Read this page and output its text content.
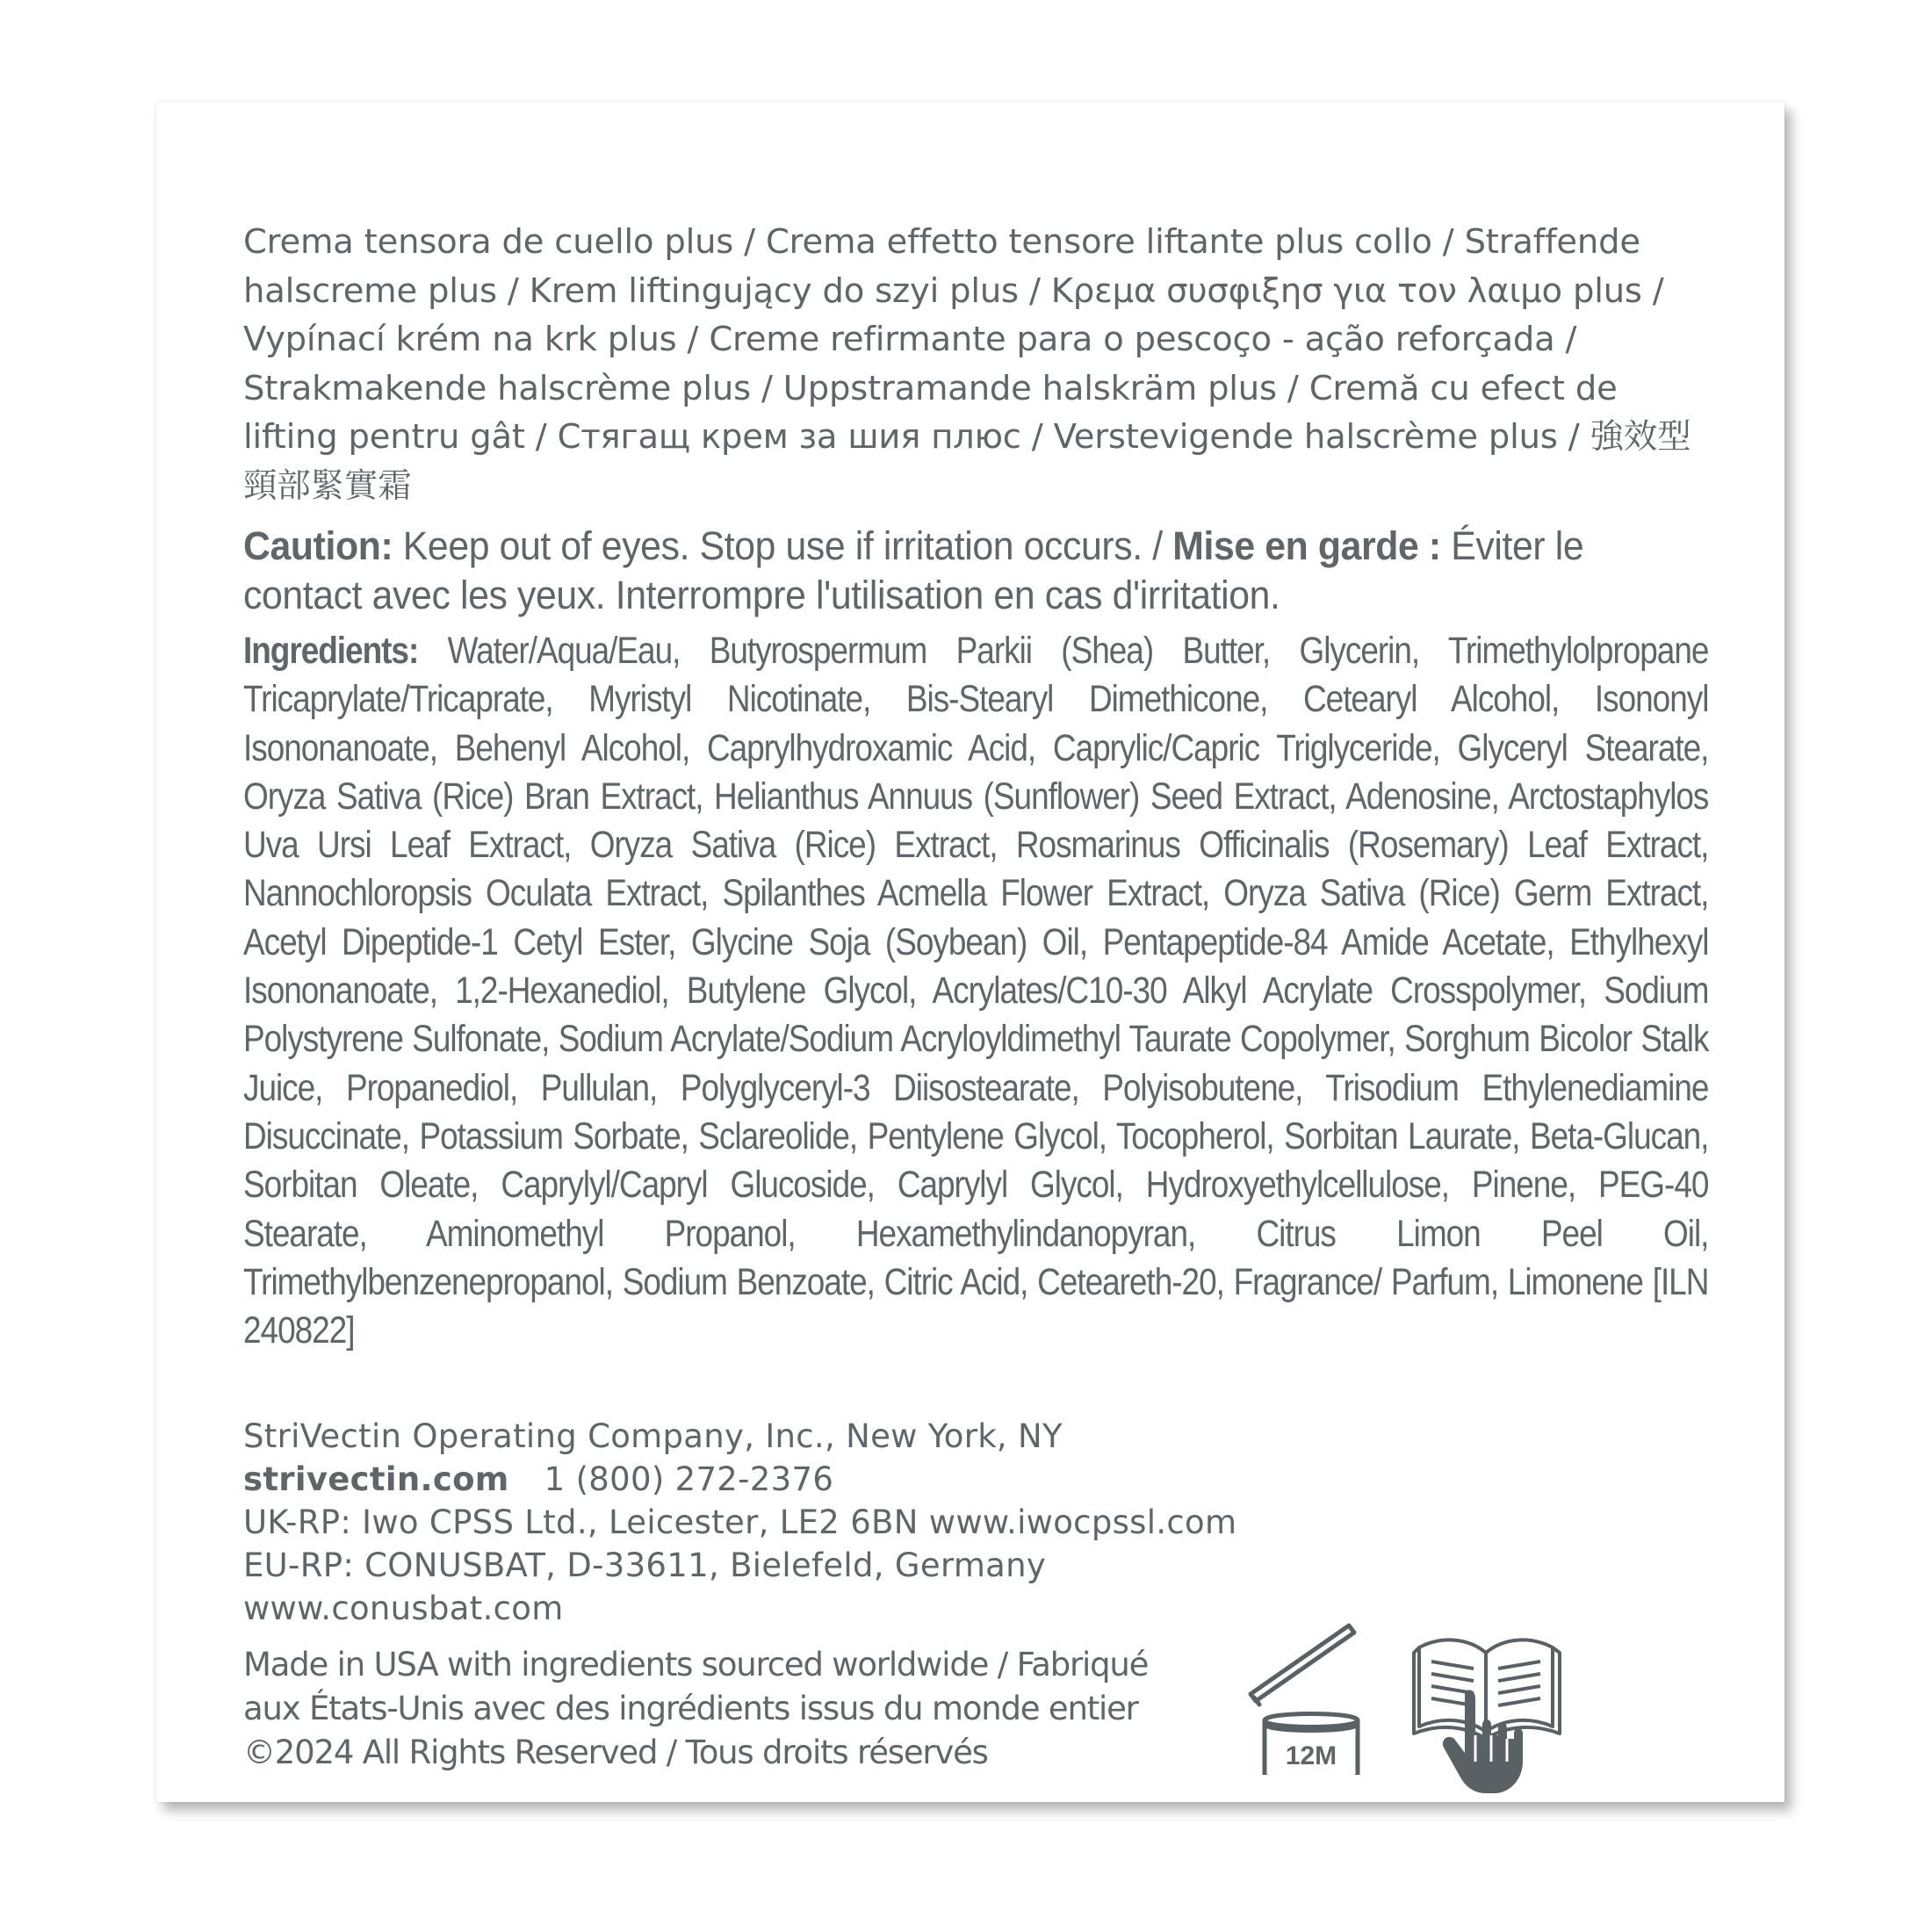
Crema tensora de cuello plus / Crema effetto tensore liftante plus collo / Straffende halscreme plus / Krem liftingujący do szyi plus / Κρεμα συσφιξησ για τον λαιμο plus / Vypínací krém na krk plus / Creme refirmante para o pescoço - ação reforçada / Strakmakende halscrème plus / Uppstramande halskräm plus / Cremă cu efect de lifting pentru gât / Стягащ крем за шия плюс / Verstevigende halscrème plus / 強效型頸部緊實霜
Caution: Keep out of eyes. Stop use if irritation occurs. / Mise en garde : Éviter le contact avec les yeux. Interrompre l'utilisation en cas d'irritation.
Ingredients: Water/Aqua/Eau, Butyrospermum Parkii (Shea) Butter, Glycerin, Trimethylolpropane Tricaprylate/Tricaprate, Myristyl Nicotinate, Bis-Stearyl Dimethicone, Cetearyl Alcohol, Isononyl Isononanoate, Behenyl Alcohol, Caprylhydroxamic Acid, Caprylic/Capric Triglyceride, Glyceryl Stearate, Oryza Sativa (Rice) Bran Extract, Helianthus Annuus (Sunflower) Seed Extract, Adenosine, Arctostaphylos Uva Ursi Leaf Extract, Oryza Sativa (Rice) Extract, Rosmarinus Officinalis (Rosemary) Leaf Extract, Nannochloropsis Oculata Extract, Spilanthes Acmella Flower Extract, Oryza Sativa (Rice) Germ Extract, Acetyl Dipeptide-1 Cetyl Ester, Glycine Soja (Soybean) Oil, Pentapeptide-84 Amide Acetate, Ethylhexyl Isononanoate, 1,2-Hexanediol, Butylene Glycol, Acrylates/C10-30 Alkyl Acrylate Crosspolymer, Sodium Polystyrene Sulfonate, Sodium Acrylate/Sodium Acryloyldimethyl Taurate Copolymer, Sorghum Bicolor Stalk Juice, Propanediol, Pullulan, Polyglyceryl-3 Diisostearate, Polyisobutene, Trisodium Ethylenediamine Disuccinate, Potassium Sorbate, Sclareolide, Pentylene Glycol, Tocopherol, Sorbitan Laurate, Beta-Glucan, Sorbitan Oleate, Caprylyl/Capryl Glucoside, Caprylyl Glycol, Hydroxyethylcellulose, Pinene, PEG-40 Stearate, Aminomethyl Propanol, Hexamethylindanopyran, Citrus Limon Peel Oil, Trimethylbenzenepropanol, Sodium Benzoate, Citric Acid, Ceteareth-20, Fragrance/ Parfum, Limonene [ILN 240822]
StriVectin Operating Company, Inc., New York, NY
strivectin.com 1 (800) 272-2376
UK-RP: Iwo CPSS Ltd., Leicester, LE2 6BN www.iwocpssl.com
EU-RP: CONUSBAT, D-33611, Bielefeld, Germany
www.conusbat.com
Made in USA with ingredients sourced worldwide / Fabriqué
aux États-Unis avec des ingrédients issus du monde entier
©2024 All Rights Reserved / Tous droits réservés	12M
